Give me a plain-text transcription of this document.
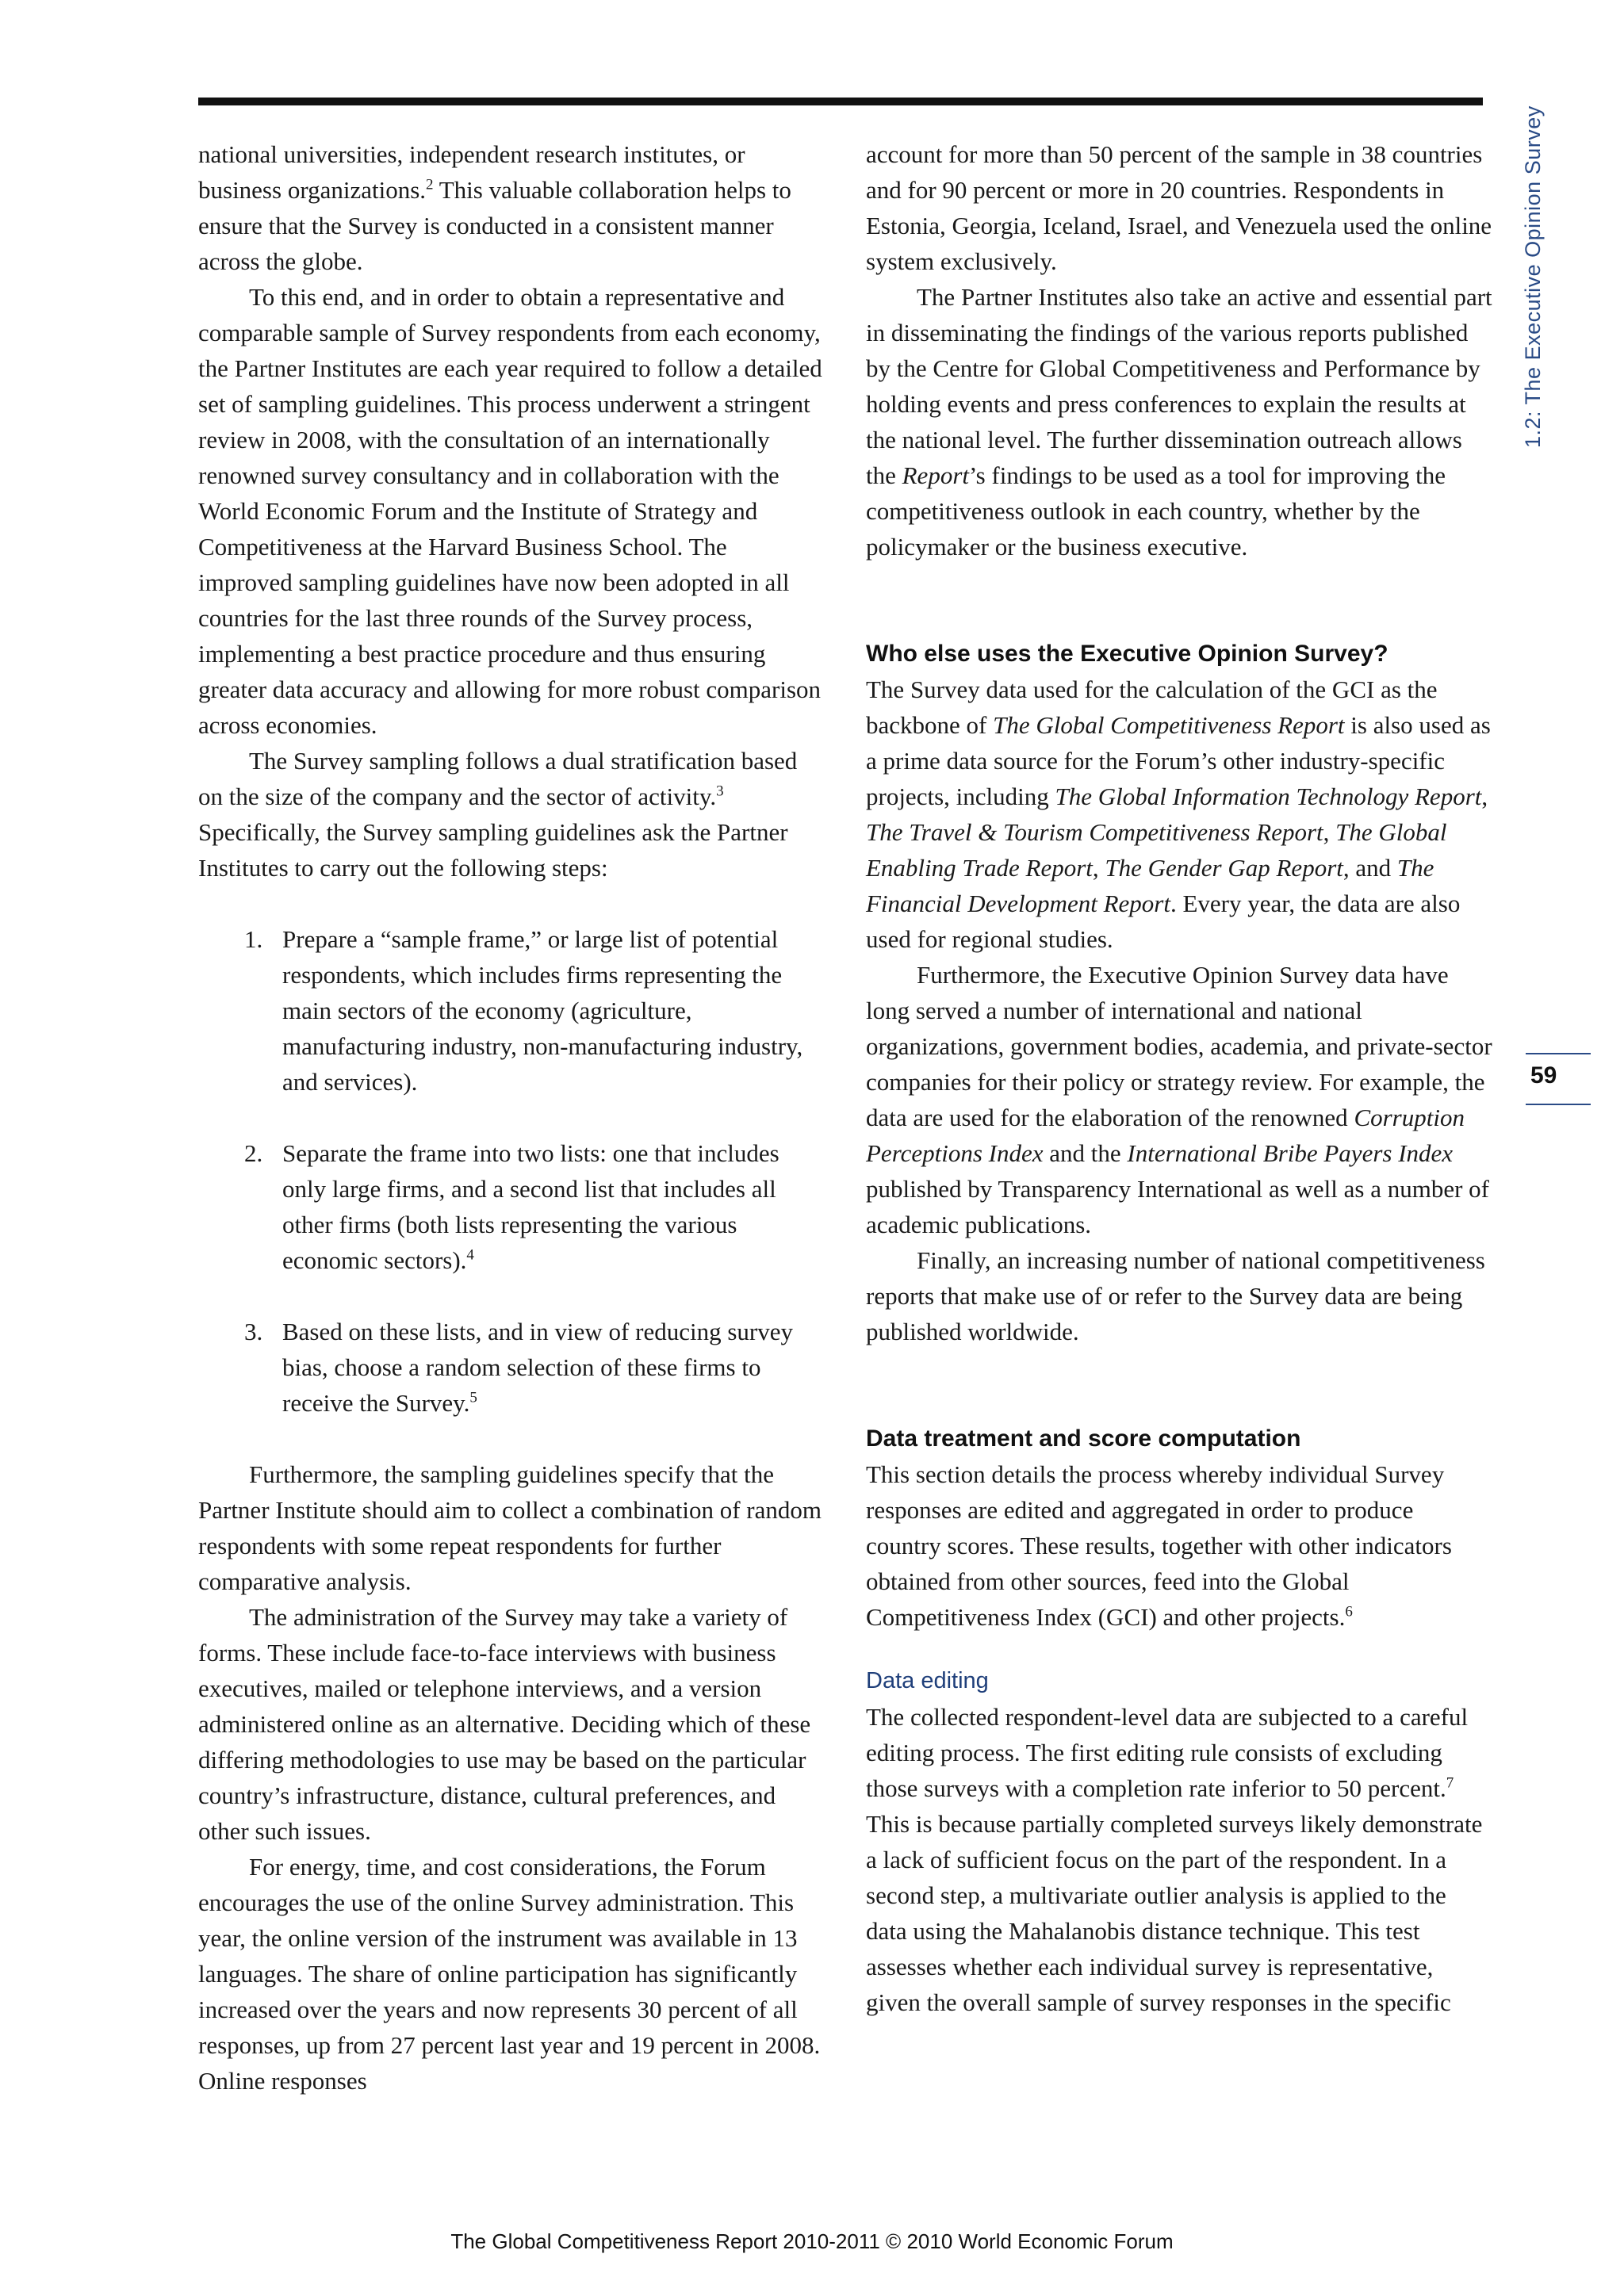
national universities, independent research institutes, or business organizations.$^2$ This valuable collaboration helps to ensure that the Survey is conducted in a consistent manner across the globe.

To this end, and in order to obtain a representative and comparable sample of Survey respondents from each economy, the Partner Institutes are each year required to follow a detailed set of sampling guidelines. This process underwent a stringent review in 2008, with the consultation of an internationally renowned survey consultancy and in collaboration with the World Economic Forum and the Institute of Strategy and Competitiveness at the Harvard Business School. The improved sampling guidelines have now been adopted in all countries for the last three rounds of the Survey process, implementing a best practice procedure and thus ensuring greater data accuracy and allowing for more robust comparison across economies.

The Survey sampling follows a dual stratification based on the size of the company and the sector of activity.$^3$ Specifically, the Survey sampling guidelines ask the Partner Institutes to carry out the following steps:

1. Prepare a “sample frame,” or large list of potential respondents, which includes firms representing the main sectors of the economy (agriculture, manufacturing industry, non-manufacturing industry, and services).
2. Separate the frame into two lists: one that includes only large firms, and a second list that includes all other firms (both lists representing the various economic sectors).$^4$
3. Based on these lists, and in view of reducing survey bias, choose a random selection of these firms to receive the Survey.$^5$

Furthermore, the sampling guidelines specify that the Partner Institute should aim to collect a combination of random respondents with some repeat respondents for further comparative analysis.

The administration of the Survey may take a variety of forms. These include face-to-face interviews with business executives, mailed or telephone interviews, and a version administered online as an alternative. Deciding which of these differing methodologies to use may be based on the particular country’s infrastructure, distance, cultural preferences, and other such issues.

For energy, time, and cost considerations, the Forum encourages the use of the online Survey administration. This year, the online version of the instrument was available in 13 languages. The share of online participation has significantly increased over the years and now represents 30 percent of all responses, up from 27 percent last year and 19 percent in 2008. Online responses

account for more than 50 percent of the sample in 38 countries and for 90 percent or more in 20 countries. Respondents in Estonia, Georgia, Iceland, Israel, and Venezuela used the online system exclusively.

The Partner Institutes also take an active and essential part in disseminating the findings of the various reports published by the Centre for Global Competitiveness and Performance by holding events and press conferences to explain the results at the national level. The further dissemination outreach allows the Report’s findings to be used as a tool for improving the competitiveness outlook in each country, whether by the policymaker or the business executive.

Who else uses the Executive Opinion Survey?

The Survey data used for the calculation of the GCI as the backbone of The Global Competitiveness Report is also used as a prime data source for the Forum’s other industry-specific projects, including The Global Information Technology Report, The Travel & Tourism Competitiveness Report, The Global Enabling Trade Report, The Gender Gap Report, and The Financial Development Report. Every year, the data are also used for regional studies.

Furthermore, the Executive Opinion Survey data have long served a number of international and national organizations, government bodies, academia, and private-sector companies for their policy or strategy review. For example, the data are used for the elaboration of the renowned Corruption Perceptions Index and the International Bribe Payers Index published by Transparency International as well as a number of academic publications.

Finally, an increasing number of national competitiveness reports that make use of or refer to the Survey data are being published worldwide.

Data treatment and score computation

This section details the process whereby individual Survey responses are edited and aggregated in order to produce country scores. These results, together with other indicators obtained from other sources, feed into the Global Competitiveness Index (GCI) and other projects.$^6$

Data editing

The collected respondent-level data are subjected to a careful editing process. The first editing rule consists of excluding those surveys with a completion rate inferior to 50 percent.$^7$ This is because partially completed surveys likely demonstrate a lack of sufficient focus on the part of the respondent. In a second step, a multivariate outlier analysis is applied to the data using the Mahalanobis distance technique. This test assesses whether each individual survey is representative, given the overall sample of survey responses in the specific

1.2: The Executive Opinion Survey
59
The Global Competitiveness Report 2010-2011 © 2010 World Economic Forum
